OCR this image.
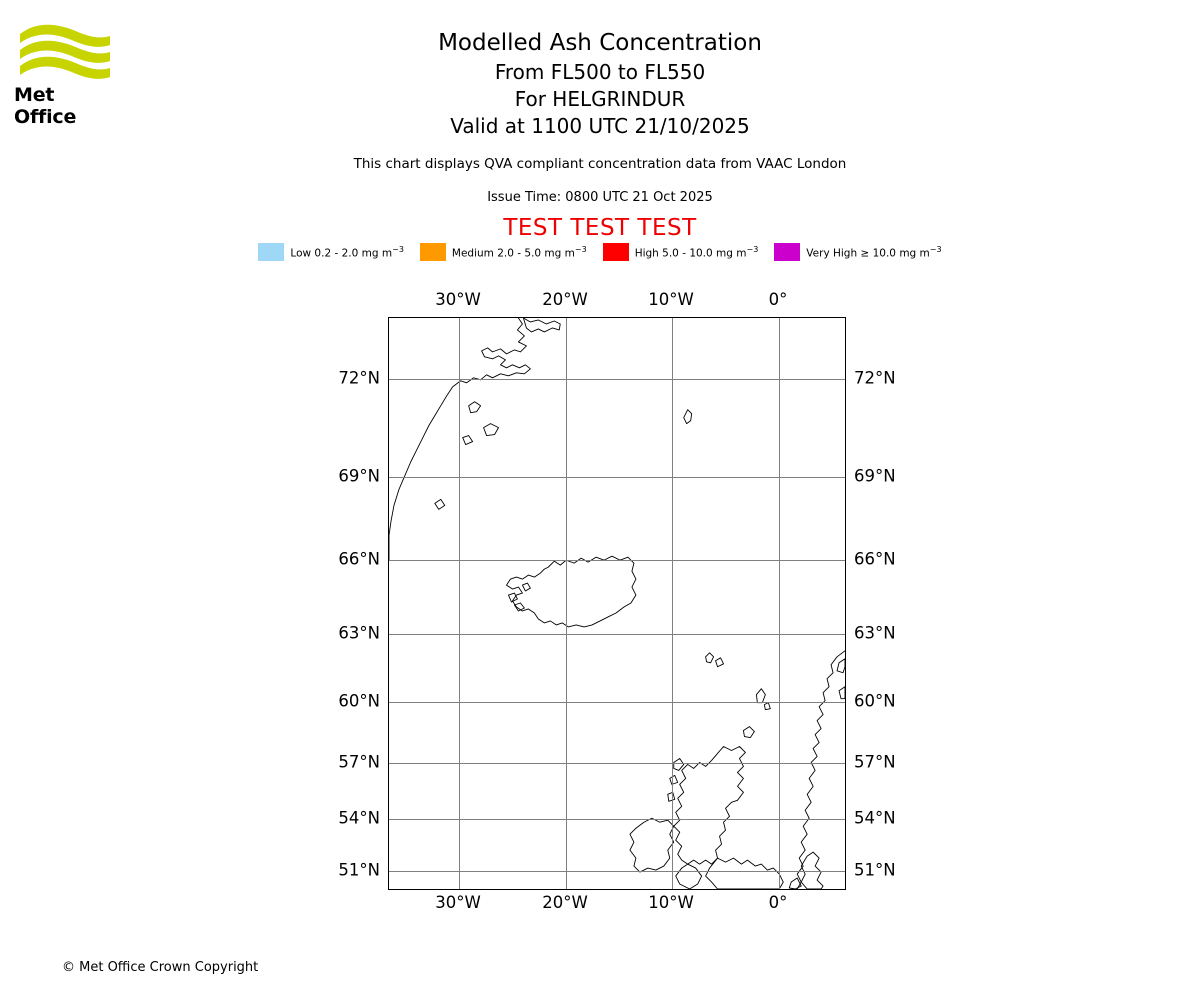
Met Office
Modelled Ash Concentration
From FL500 to FL550
For HELGRINDUR
Valid at 1100 UTC 21/10/2025
This chart displays QVA compliant concentration data from VAAC London
Issue Time: 0800 UTC 21 Oct 2025
TEST TEST TEST
Low 0.2 - 2.0 mg $m^{-3}$	Medium 2.0 - 5.0 mg $m^{-3}$	High 5.0 - 10.0 mg $m^{-3}$	Very High ≥ 10.0 mg $m^{-3}$
© Met Office Crown Copyright
30°W
30°W
20°W
20°W
10°W
10°W
0°
0°
72°N	72°N
69°N	69°N
66°N	66°N
63°N	63°N
60°N	60°N
57°N	57°N
54°N	54°N
51°N	51°N
